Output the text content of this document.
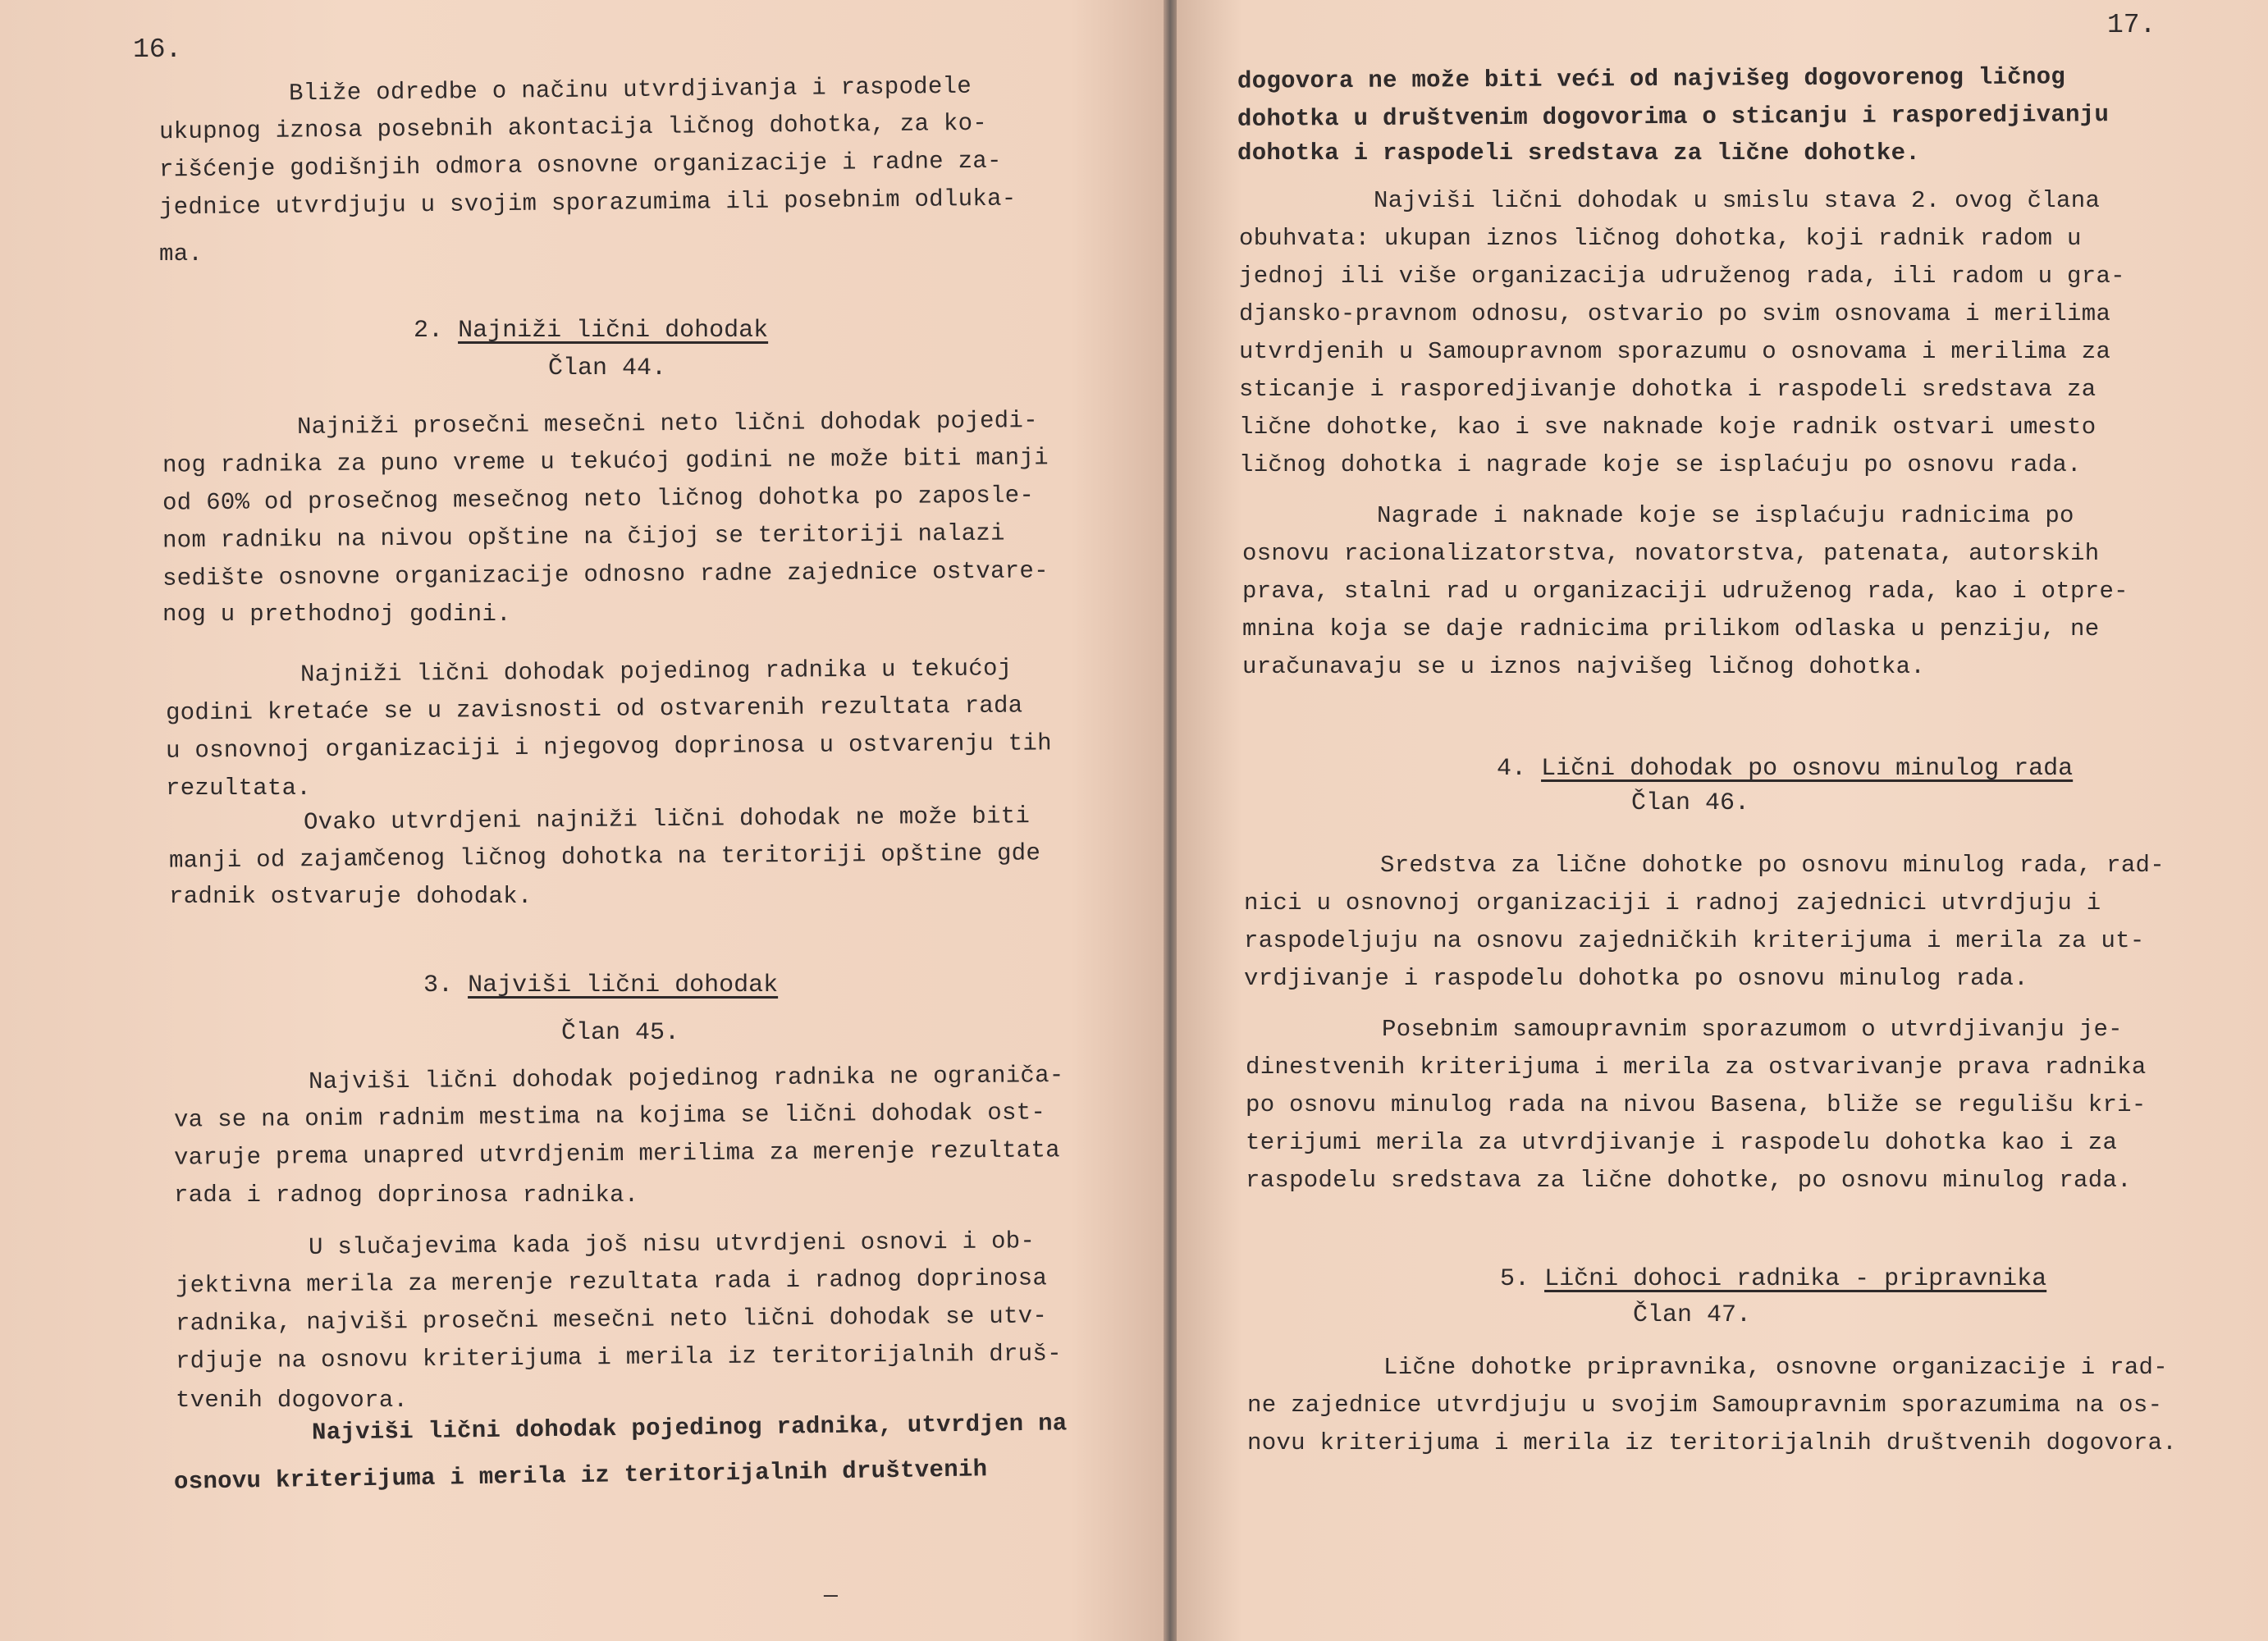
16.
Bliže odredbe o načinu utvrdjivanja i raspodele
ukupnog iznosa posebnih akontacija ličnog dohotka, za ko-
rišćenje godišnjih odmora osnovne organizacije i radne za-
jednice utvrdjuju u svojim sporazumima ili posebnim odluka-
ma.

2. Najniži lični dohodak

Član 44.
Najniži prosečni mesečni neto lični dohodak pojedi-
nog radnika za puno vreme u tekućoj godini ne može biti manji
od 60% od prosečnog mesečnog neto ličnog dohotka po zaposle-
nom radniku na nivou opštine na čijoj se teritoriji nalazi
sedište osnovne organizacije odnosno radne zajednice ostvare-
nog u prethodnoj godini.
Najniži lični dohodak pojedinog radnika u tekućoj
godini kretaće se u zavisnosti od ostvarenih rezultata rada
u osnovnoj organizaciji i njegovog doprinosa u ostvarenju tih
rezultata.
Ovako utvrdjeni najniži lični dohodak ne može biti
manji od zajamčenog ličnog dohotka na teritoriji opštine gde
radnik ostvaruje dohodak.

3. Najviši lični dohodak

Član 45.
Najviši lični dohodak pojedinog radnika ne ograniča-
va se na onim radnim mestima na kojima se lični dohodak ost-
varuje prema unapred utvrdjenim merilima za merenje rezultata
rada i radnog doprinosa radnika.
U slučajevima kada još nisu utvrdjeni osnovi i ob-
jektivna merila za merenje rezultata rada i radnog doprinosa
radnika, najviši prosečni mesečni neto lični dohodak se utv-
rdjuje na osnovu kriterijuma i merila iz teritorijalnih druš-
tvenih dogovora.
Najviši lični dohodak pojedinog radnika, utvrdjen na
osnovu kriterijuma i merila iz teritorijalnih društvenih
—
17.
dogovora ne može biti veći od najvišeg dogovorenog ličnog
dohotka u društvenim dogovorima o sticanju i rasporedjivanju
dohotka i raspodeli sredstava za lične dohotke.
Najviši lični dohodak u smislu stava 2. ovog člana
obuhvata: ukupan iznos ličnog dohotka, koji radnik radom u
jednoj ili više organizacija udruženog rada, ili radom u gra-
djansko-pravnom odnosu, ostvario po svim osnovama i merilima
utvrdjenih u Samoupravnom sporazumu o osnovama i merilima za
sticanje i rasporedjivanje dohotka i raspodeli sredstava za
lične dohotke, kao i sve naknade koje radnik ostvari umesto
ličnog dohotka i nagrade koje se isplaćuju po osnovu rada.
Nagrade i naknade koje se isplaćuju radnicima po
osnovu racionalizatorstva, novatorstva, patenata, autorskih
prava, stalni rad u organizaciji udruženog rada, kao i otpre-
mnina koja se daje radnicima prilikom odlaska u penziju, ne
uračunavaju se u iznos najvišeg ličnog dohotka.

4. Lični dohodak po osnovu minulog rada

Član 46.
Sredstva za lične dohotke po osnovu minulog rada, rad-
nici u osnovnoj organizaciji i radnoj zajednici utvrdjuju i
raspodeljuju na osnovu zajedničkih kriterijuma i merila za ut-
vrdjivanje i raspodelu dohotka po osnovu minulog rada.
Posebnim samoupravnim sporazumom o utvrdjivanju je-
dinestvenih kriterijuma i merila za ostvarivanje prava radnika
po osnovu minulog rada na nivou Basena, bliže se regulišu kri-
terijumi merila za utvrdjivanje i raspodelu dohotka kao i za
raspodelu sredstava za lične dohotke, po osnovu minulog rada.

5. Lični dohoci radnika - pripravnika

Član 47.
Lične dohotke pripravnika, osnovne organizacije i rad-
ne zajednice utvrdjuju u svojim Samoupravnim sporazumima na os-
novu kriterijuma i merila iz teritorijalnih društvenih dogovora.
